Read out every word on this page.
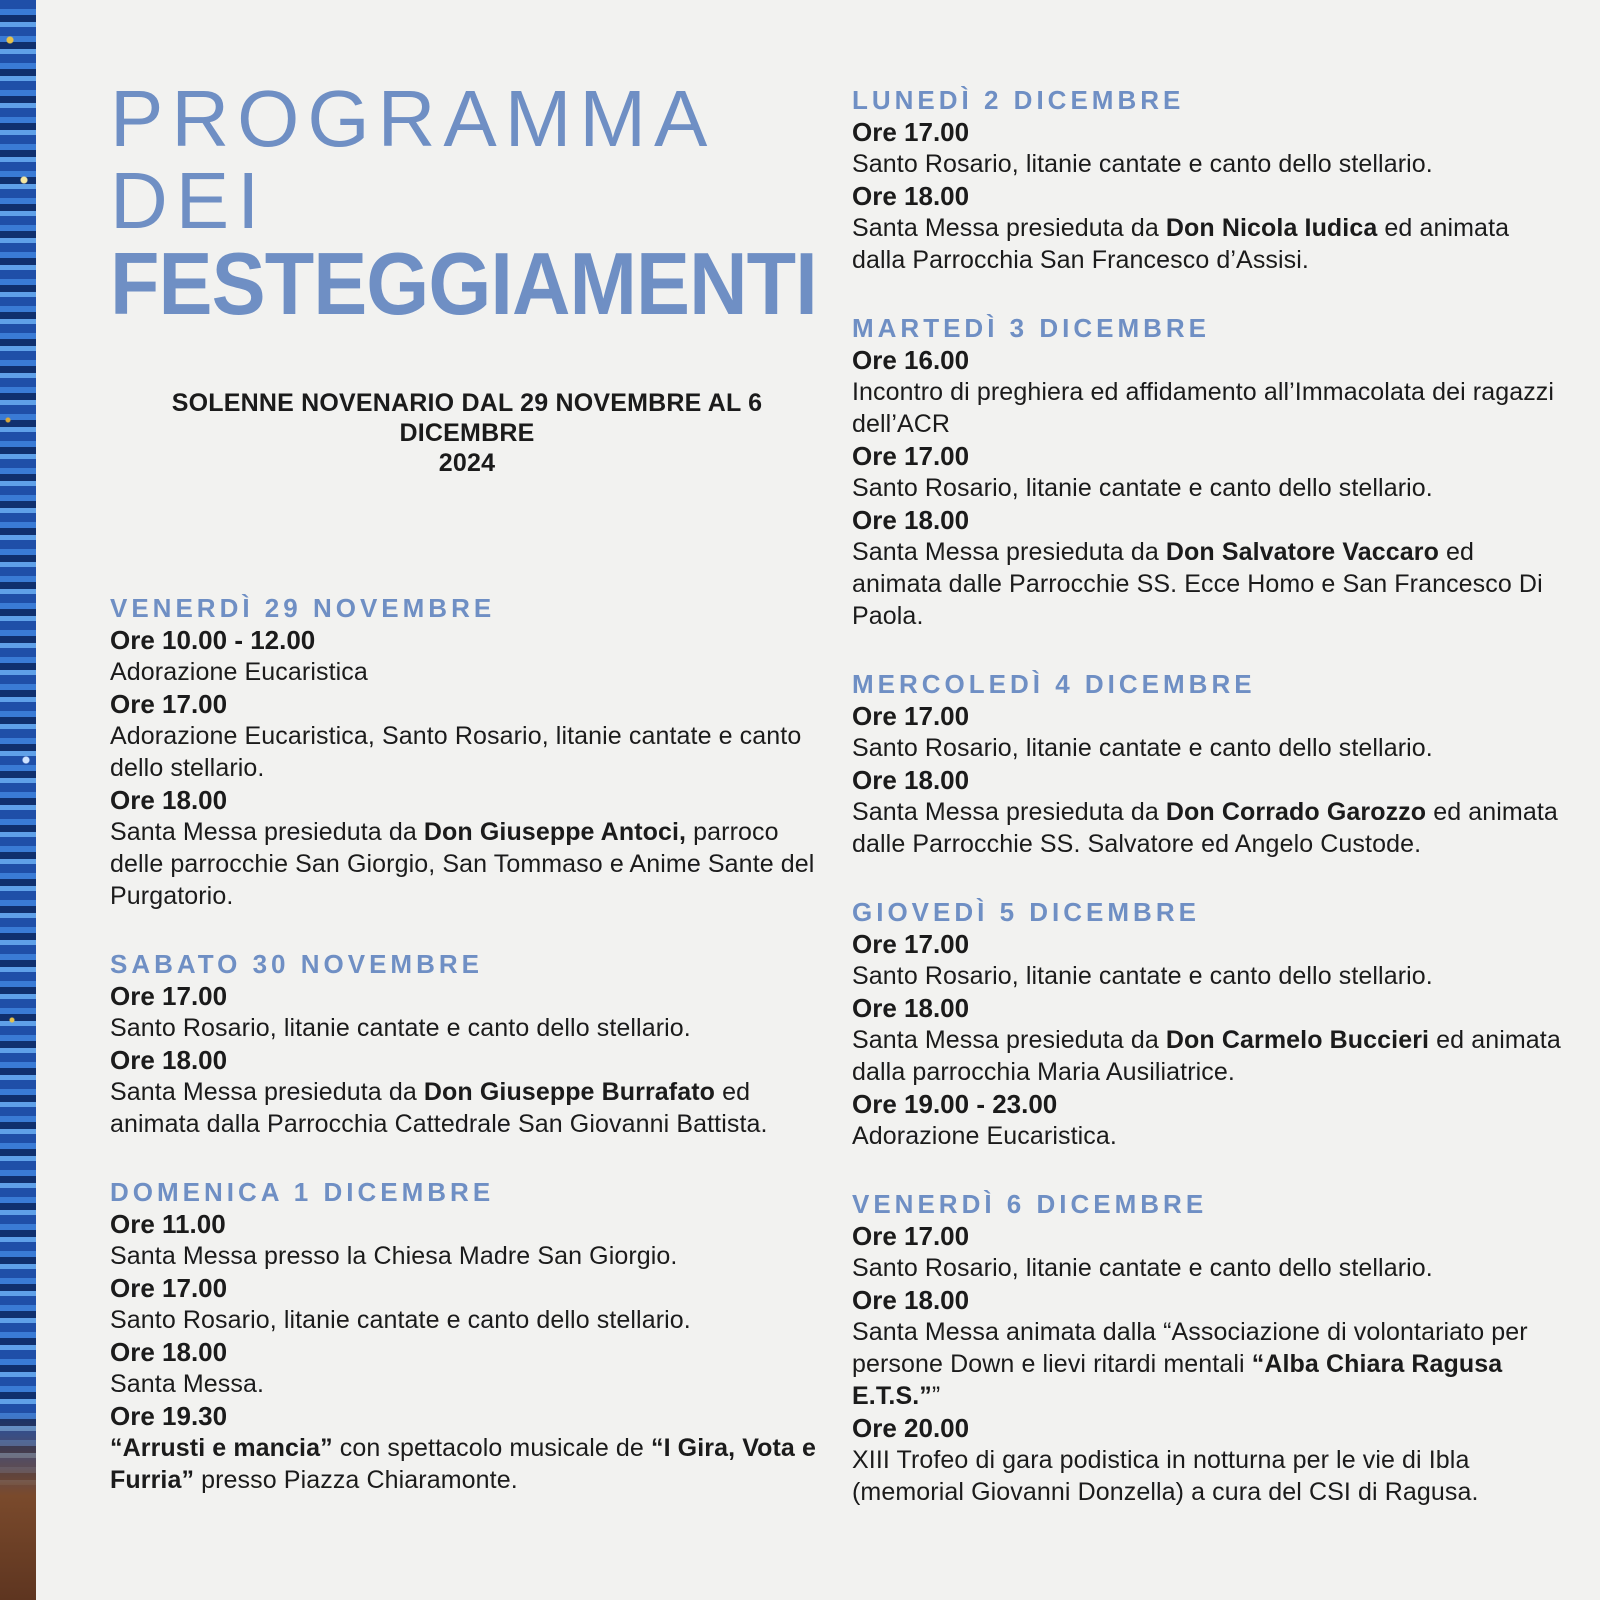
PROGRAMMA DEI
FESTEGGIAMENTI
SOLENNE NOVENARIO DAL 29 NOVEMBRE AL 6 DICEMBRE
2024
VENERDÌ 29 NOVEMBRE
Ore 10.00 - 12.00
Adorazione Eucaristica
Ore 17.00
Adorazione Eucaristica, Santo Rosario, litanie cantate e canto dello stellario.
Ore 18.00
Santa Messa presieduta da Don Giuseppe Antoci, parroco delle parrocchie San Giorgio, San Tommaso e Anime Sante del Purgatorio.
SABATO 30 NOVEMBRE
Ore 17.00
Santo Rosario, litanie cantate e canto dello stellario.
Ore 18.00
Santa Messa presieduta da Don Giuseppe Burrafato ed animata dalla Parrocchia Cattedrale San Giovanni Battista.
DOMENICA 1 DICEMBRE
Ore 11.00
Santa Messa presso la Chiesa Madre San Giorgio.
Ore 17.00
Santo Rosario, litanie cantate e canto dello stellario.
Ore 18.00
Santa Messa.
Ore 19.30
“Arrusti e mancia” con spettacolo musicale de “I Gira, Vota e Furria” presso Piazza Chiaramonte.
LUNEDÌ 2 DICEMBRE
Ore 17.00
Santo Rosario, litanie cantate e canto dello stellario.
Ore 18.00
Santa Messa presieduta da Don Nicola Iudica ed animata dalla Parrocchia San Francesco d’Assisi.
MARTEDÌ 3 DICEMBRE
Ore 16.00
Incontro di preghiera ed affidamento all’Immacolata dei ragazzi dell’ACR
Ore 17.00
Santo Rosario, litanie cantate e canto dello stellario.
Ore 18.00
Santa Messa presieduta da Don Salvatore Vaccaro ed animata dalle Parrocchie SS. Ecce Homo e San Francesco Di Paola.
MERCOLEDÌ 4 DICEMBRE
Ore 17.00
Santo Rosario, litanie cantate e canto dello stellario.
Ore 18.00
Santa Messa presieduta da Don Corrado Garozzo ed animata dalle Parrocchie SS. Salvatore ed Angelo Custode.
GIOVEDÌ 5 DICEMBRE
Ore 17.00
Santo Rosario, litanie cantate e canto dello stellario.
Ore 18.00
Santa Messa presieduta da Don Carmelo Buccieri ed animata dalla parrocchia Maria Ausiliatrice.
Ore 19.00 - 23.00
Adorazione Eucaristica.
VENERDÌ 6 DICEMBRE
Ore 17.00
Santo Rosario, litanie cantate e canto dello stellario.
Ore 18.00
Santa Messa animata dalla “Associazione di volontariato per persone Down e lievi ritardi mentali “Alba Chiara Ragusa E.T.S.””
Ore 20.00
XIII Trofeo di gara podistica in notturna per le vie di Ibla (memorial Giovanni Donzella) a cura del CSI di Ragusa.
